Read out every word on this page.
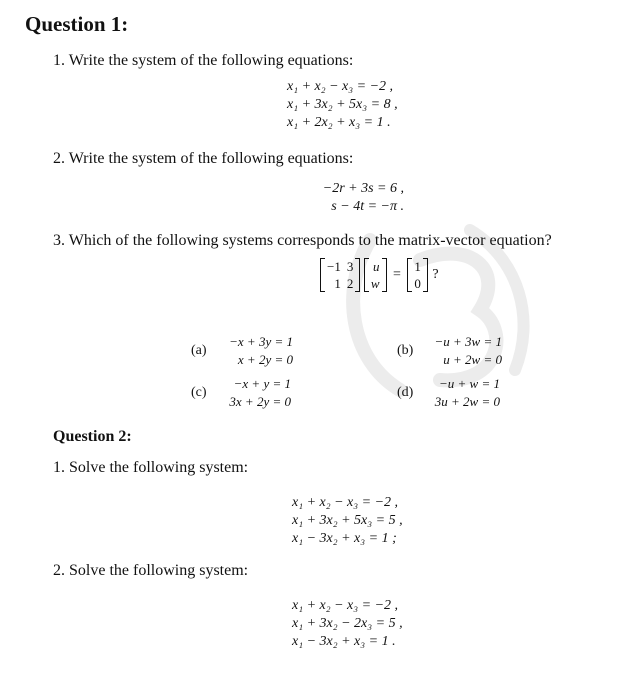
Question 1:
1. Write the system of the following equations:
x₁ + x₂ − x₃ = −2 ,
x₁ + 3x₂ + 5x₃ = 8 ,
x₁ + 2x₂ + x₃ = 1 .
2. Write the system of the following equations:
−2r + 3s = 6 ,
s − 4t = −π .
3. Which of the following systems corresponds to the matrix-vector equation?
−1	3
1	2

u
w
=
1
0
?
(a)
−x + 3y = 1
x + 2y = 0
(b)
−u + 3w = 1
u + 2w = 0
(c)
−x + y = 1
3x + 2y = 0
(d)
−u + w = 1
3u + 2w = 0
Question 2:
1. Solve the following system:
x₁ + x₂ − x₃ = −2 ,
x₁ + 3x₂ + 5x₃ = 5 ,
x₁ − 3x₂ + x₃ = 1 ;
2. Solve the following system:
x₁ + x₂ − x₃ = −2 ,
x₁ + 3x₂ − 2x₃ = 5 ,
x₁ − 3x₂ + x₃ = 1 .
